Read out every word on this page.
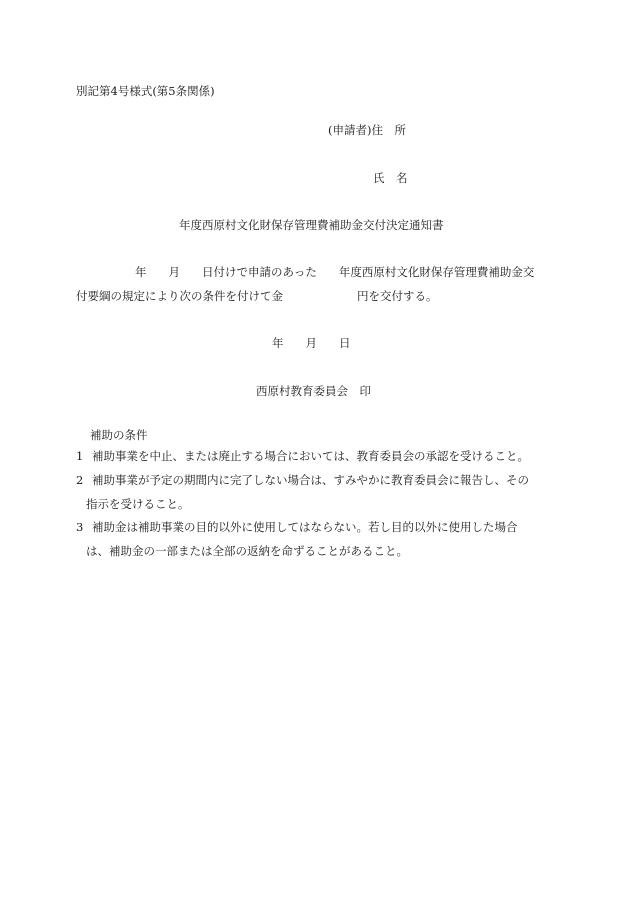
別記第4号様式(第5条関係)
(申請者)住　所
氏　名
年度西原村文化財保存管理費補助金交付決定通知書
年 月 日付けで申請のあった 年度西原村文化財保存管理費補助金交
付要綱の規定により次の条件を付けて金	円を交付する。
年 月 日
西原村教育委員会　印
補助の条件
1 補助事業を中止、または廃止する場合においては、教育委員会の承認を受けること。
2 補助事業が予定の期間内に完了しない場合は、すみやかに教育委員会に報告し、その
指示を受けること。
3 補助金は補助事業の目的以外に使用してはならない。若し目的以外に使用した場合
は、補助金の一部または全部の返納を命ずることがあること。
